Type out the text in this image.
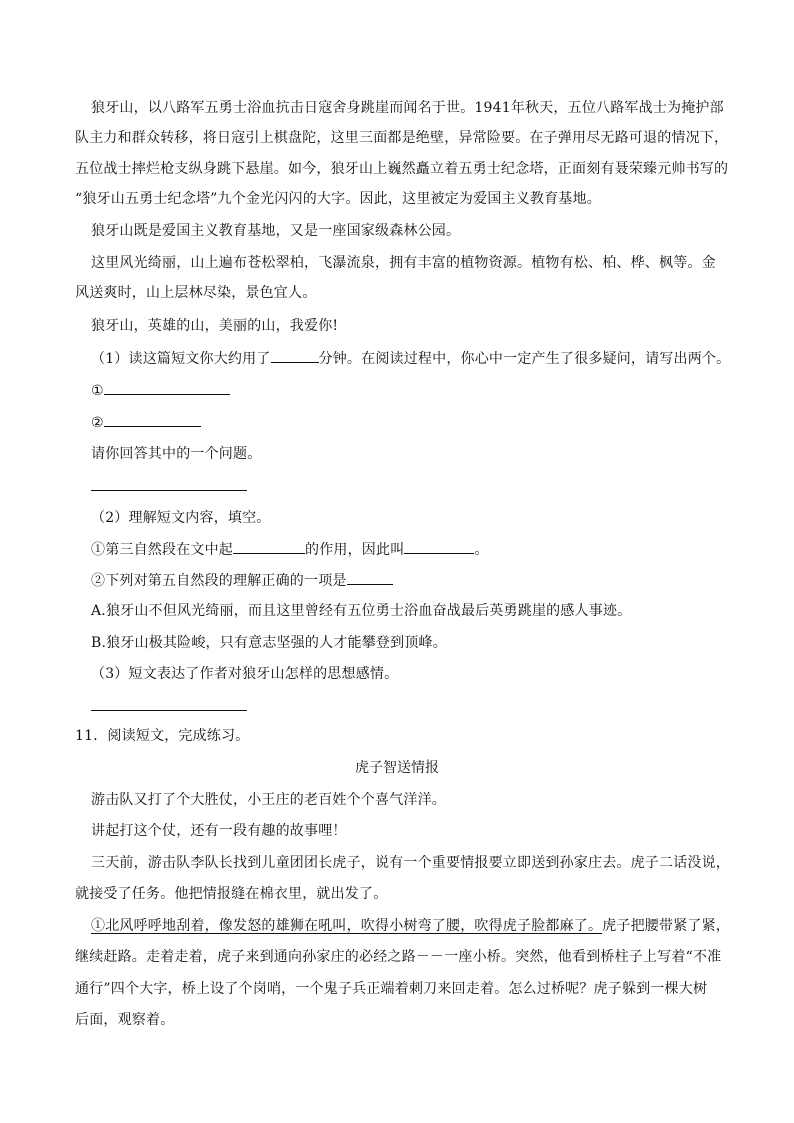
狼牙山，以八路军五勇士浴血抗击日寇舍身跳崖而闻名于世。1941年秋天，五位八路军战士为掩护部
队主力和群众转移，将日寇引上棋盘陀，这里三面都是绝壁，异常险要。在子弹用尽无路可退的情况下，
五位战士摔烂枪支纵身跳下悬崖。如今，狼牙山上巍然矗立着五勇士纪念塔，正面刻有聂荣臻元帅书写的
“狼牙山五勇士纪念塔”九个金光闪闪的大字。因此，这里被定为爱国主义教育基地。
狼牙山既是爱国主义教育基地，又是一座国家级森林公园。
这里风光绮丽，山上遍布苍松翠柏，飞瀑流泉，拥有丰富的植物资源。植物有松、柏、桦、枫等。金
风送爽时，山上层林尽染，景色宜人。
狼牙山，英雄的山，美丽的山，我爱你!
（1）读这篇短文你大约用了	分钟。在阅读过程中，你心中一定产生了很多疑问，请写出两个。
①
②
请你回答其中的一个问题。
（2）理解短文内容，填空。
①第三自然段在文中起	的作用，因此叫	。
②下列对第五自然段的理解正确的一项是
A.狼牙山不但风光绮丽，而且这里曾经有五位勇士浴血奋战最后英勇跳崖的感人事迹。
B.狼牙山极其险峻，只有意志坚强的人才能攀登到顶峰。
（3）短文表达了作者对狼牙山怎样的思想感情。
11．阅读短文，完成练习。
虎子智送情报
游击队又打了个大胜仗，小王庄的老百姓个个喜气洋洋。
讲起打这个仗，还有一段有趣的故事哩！
三天前，游击队李队长找到儿童团团长虎子，说有一个重要情报要立即送到孙家庄去。虎子二话没说，
就接受了任务。他把情报缝在棉衣里，就出发了。
①北风呼呼地刮着，像发怒的雄狮在吼叫，吹得小树弯了腰，吹得虎子脸都麻了。虎子把腰带紧了紧，
继续赶路。走着走着，虎子来到通向孙家庄的必经之路－－一座小桥。突然，他看到桥柱子上写着“不准
通行”四个大字，桥上设了个岗哨，一个鬼子兵正端着刺刀来回走着。怎么过桥呢？虎子躲到一棵大树
后面，观察着。
